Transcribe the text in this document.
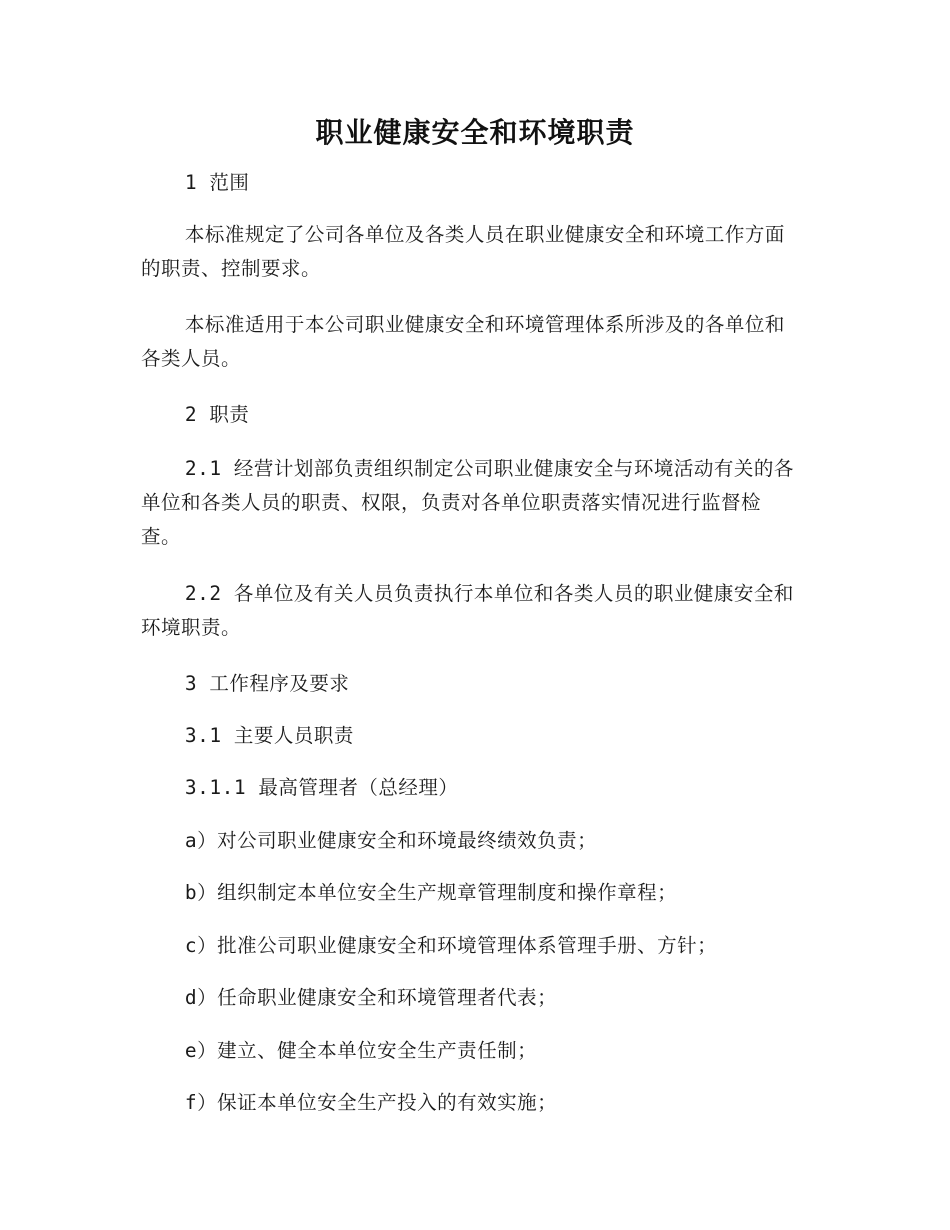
职业健康安全和环境职责

1 范围

本标准规定了公司各单位及各类人员在职业健康安全和环境工作方面的职责、控制要求。

本标准适用于本公司职业健康安全和环境管理体系所涉及的各单位和各类人员。

2 职责

2.1 经营计划部负责组织制定公司职业健康安全与环境活动有关的各单位和各类人员的职责、权限，负责对各单位职责落实情况进行监督检查。

2.2 各单位及有关人员负责执行本单位和各类人员的职业健康安全和环境职责。

3 工作程序及要求

3.1 主要人员职责

3.1.1 最高管理者（总经理）

a）对公司职业健康安全和环境最终绩效负责；

b）组织制定本单位安全生产规章管理制度和操作章程；

c）批准公司职业健康安全和环境管理体系管理手册、方针；

d）任命职业健康安全和环境管理者代表；

e）建立、健全本单位安全生产责任制；

f）保证本单位安全生产投入的有效实施；
